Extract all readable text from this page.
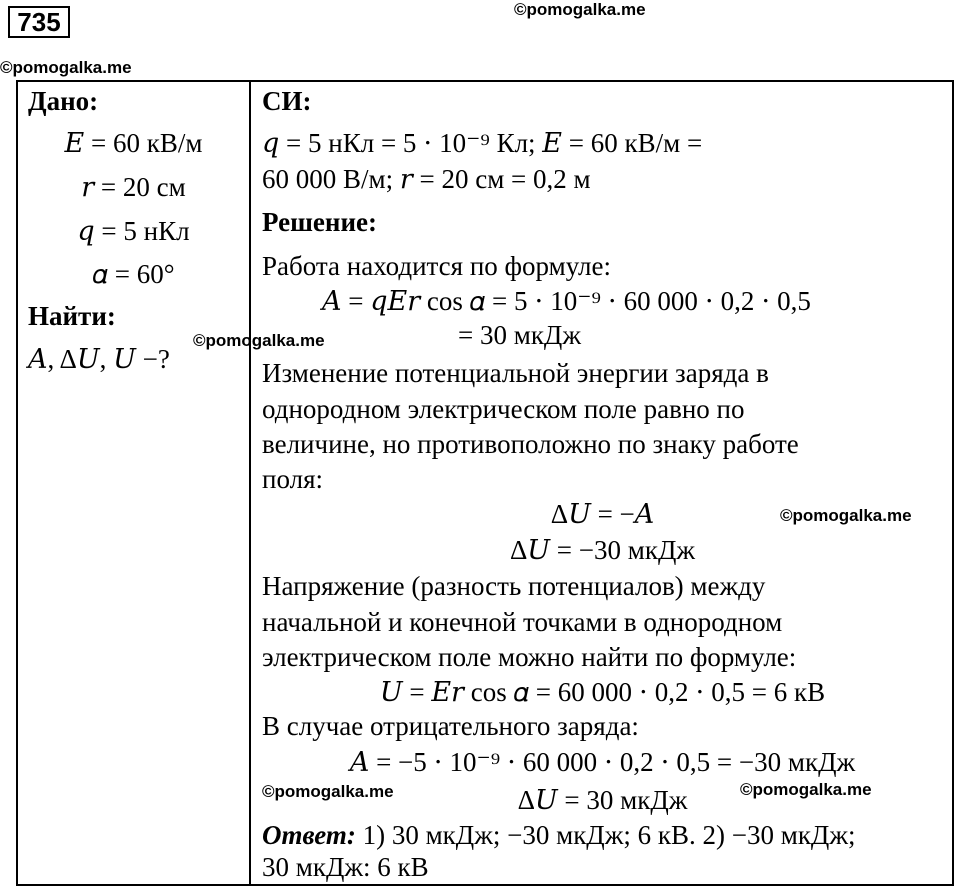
735	©pomogalka.me
©pomogalka.me
Дано:
𝐸 = 60 кВ/м
𝑟 = 20 см
𝑞 = 5 нКл
𝛼 = 60°
Найти:
𝐴, Δ𝑈, 𝑈 −?
©pomogalka.me
СИ:
𝑞 = 5 нКл = 5 ⋅ 10⁻⁹ Кл; 𝐸 = 60 кВ/м =
60 000 В/м; 𝑟 = 20 см = 0,2 м
Решение:
Работа находится по формуле:
𝐴 = 𝑞𝐸𝑟 cos 𝛼 = 5 ⋅ 10⁻⁹ ⋅ 60 000 ⋅ 0,2 ⋅ 0,5
= 30 мкДж
Изменение потенциальной энергии заряда в
однородном электрическом поле равно по
величине, но противоположно по знаку работе
поля:
Δ𝑈 = −𝐴	©pomogalka.me
Δ𝑈 = −30 мкДж
Напряжение (разность потенциалов) между
начальной и конечной точками в однородном
электрическом поле можно найти по формуле:
𝑈 = 𝐸𝑟 cos 𝛼 = 60 000 ⋅ 0,2 ⋅ 0,5 = 6 кВ
В случае отрицательного заряда:
𝐴 = −5 ⋅ 10⁻⁹ ⋅ 60 000 ⋅ 0,2 ⋅ 0,5 = −30 мкДж
©pomogalka.me	Δ𝑈 = 30 мкДж	©pomogalka.me
Ответ: 1) 30 мкДж; −30 мкДж; 6 кВ. 2) −30 мкДж;
30 мкДж: 6 кВ
